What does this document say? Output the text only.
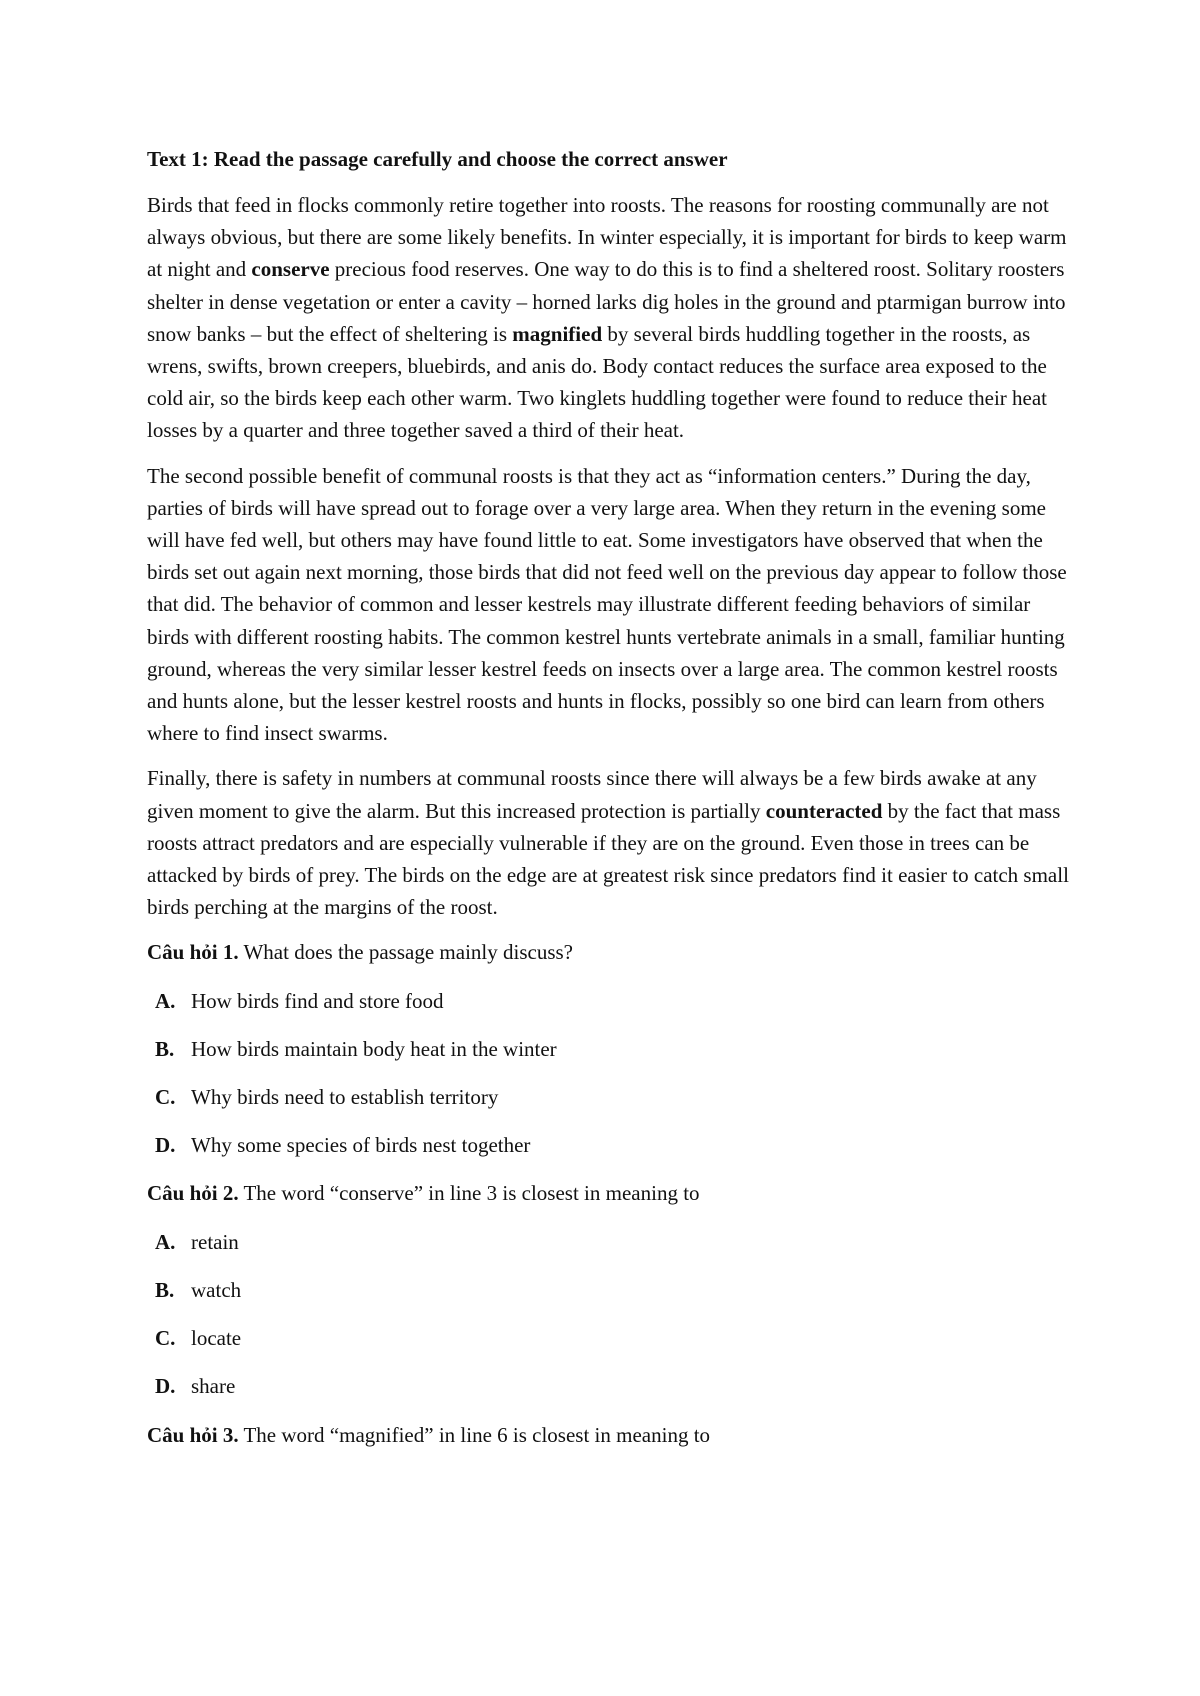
Text 1: Read the passage carefully and choose the correct answer

Birds that feed in flocks commonly retire together into roosts. The reasons for roosting communally are not always obvious, but there are some likely benefits. In winter especially, it is important for birds to keep warm at night and conserve precious food reserves. One way to do this is to find a sheltered roost. Solitary roosters shelter in dense vegetation or enter a cavity – horned larks dig holes in the ground and ptarmigan burrow into snow banks – but the effect of sheltering is magnified by several birds huddling together in the roosts, as wrens, swifts, brown creepers, bluebirds, and anis do. Body contact reduces the surface area exposed to the cold air, so the birds keep each other warm. Two kinglets huddling together were found to reduce their heat losses by a quarter and three together saved a third of their heat.

The second possible benefit of communal roosts is that they act as “information centers.” During the day, parties of birds will have spread out to forage over a very large area. When they return in the evening some will have fed well, but others may have found little to eat. Some investigators have observed that when the birds set out again next morning, those birds that did not feed well on the previous day appear to follow those that did. The behavior of common and lesser kestrels may illustrate different feeding behaviors of similar birds with different roosting habits. The common kestrel hunts vertebrate animals in a small, familiar hunting ground, whereas the very similar lesser kestrel feeds on insects over a large area. The common kestrel roosts and hunts alone, but the lesser kestrel roosts and hunts in flocks, possibly so one bird can learn from others where to find insect swarms.

Finally, there is safety in numbers at communal roosts since there will always be a few birds awake at any given moment to give the alarm. But this increased protection is partially counteracted by the fact that mass roosts attract predators and are especially vulnerable if they are on the ground. Even those in trees can be attacked by birds of prey. The birds on the edge are at greatest risk since predators find it easier to catch small birds perching at the margins of the roost.

Câu hỏi 1. What does the passage mainly discuss?
A. How birds find and store food
B. How birds maintain body heat in the winter
C. Why birds need to establish territory
D. Why some species of birds nest together
Câu hỏi 2. The word “conserve” in line 3 is closest in meaning to
A. retain
B. watch
C. locate
D. share
Câu hỏi 3. The word “magnified” in line 6 is closest in meaning to
